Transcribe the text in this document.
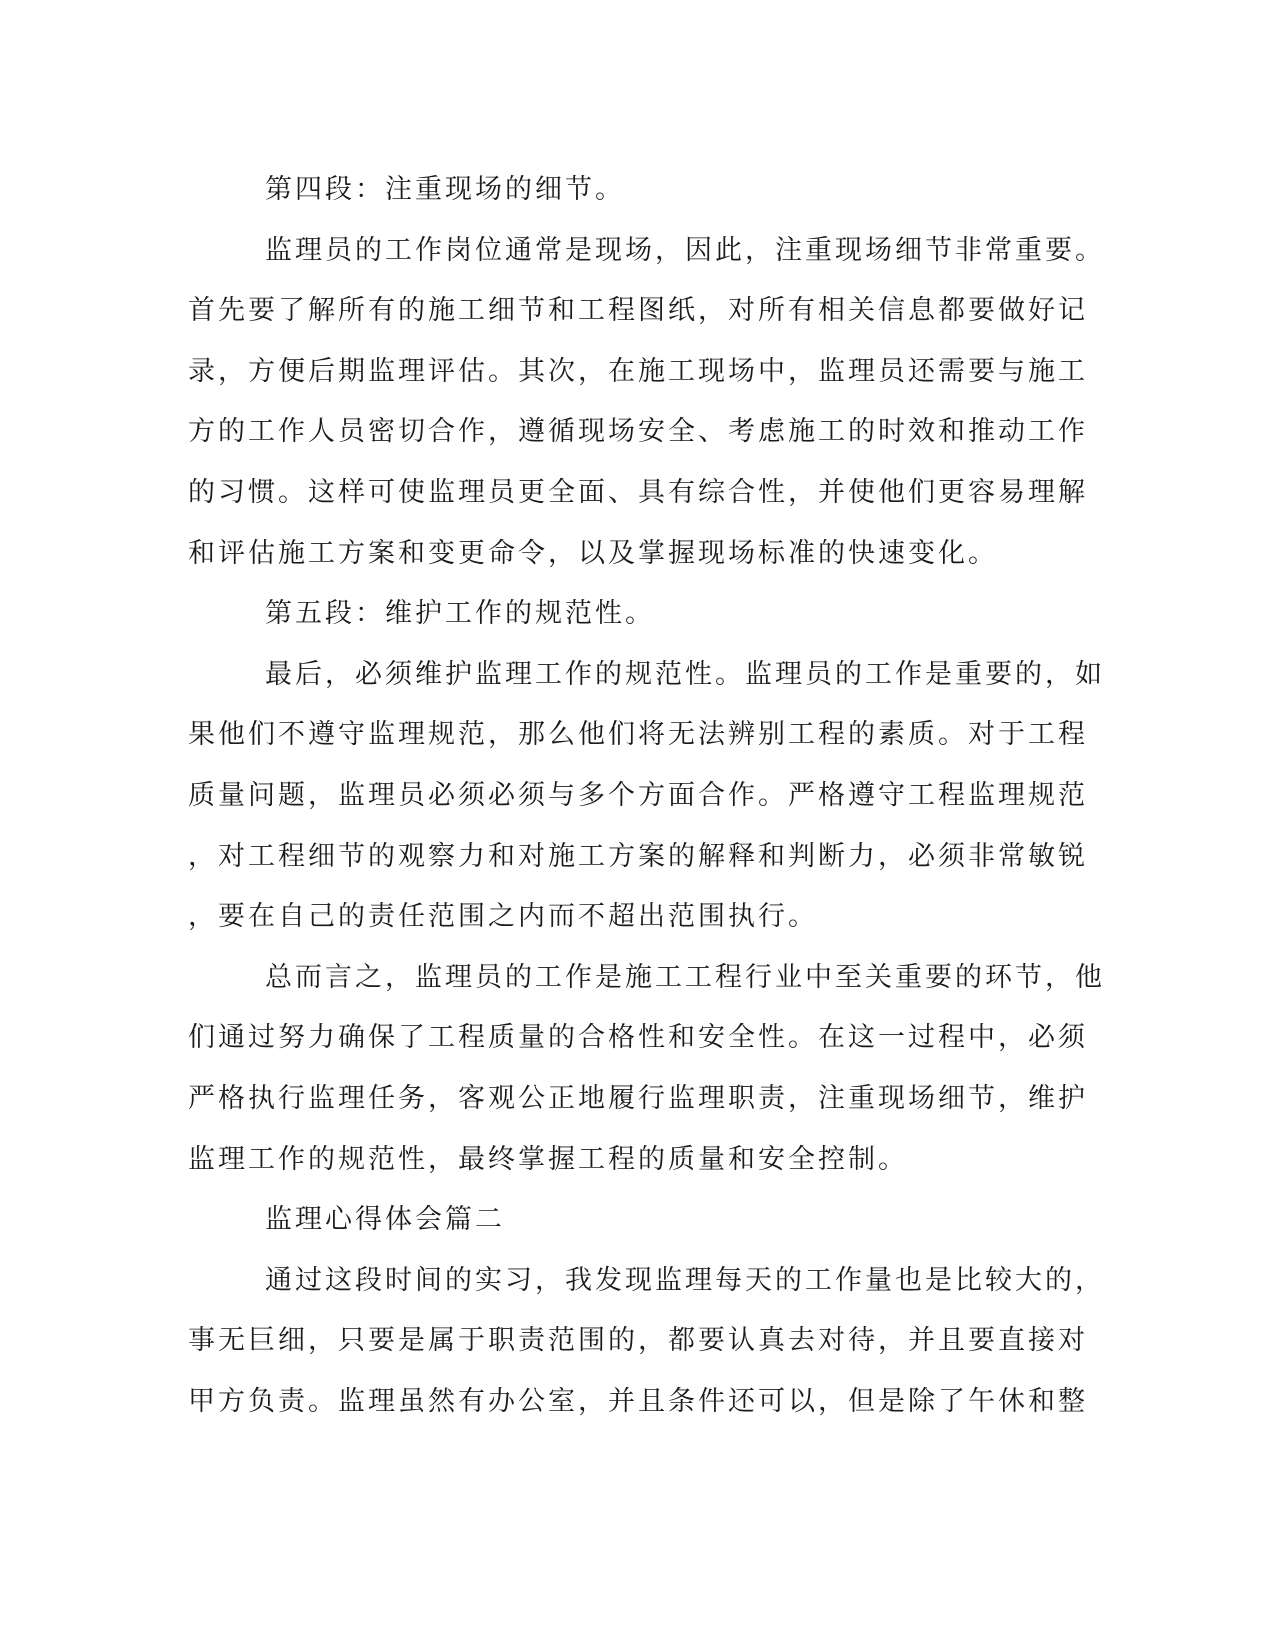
第四段：注重现场的细节。
监理员的工作岗位通常是现场，因此，注重现场细节非常重要。
首先要了解所有的施工细节和工程图纸，对所有相关信息都要做好记
录，方便后期监理评估。其次，在施工现场中，监理员还需要与施工
方的工作人员密切合作，遵循现场安全、考虑施工的时效和推动工作
的习惯。这样可使监理员更全面、具有综合性，并使他们更容易理解
和评估施工方案和变更命令，以及掌握现场标准的快速变化。
第五段：维护工作的规范性。
最后，必须维护监理工作的规范性。监理员的工作是重要的，如
果他们不遵守监理规范，那么他们将无法辨别工程的素质。对于工程
质量问题，监理员必须必须与多个方面合作。严格遵守工程监理规范
，对工程细节的观察力和对施工方案的解释和判断力，必须非常敏锐
，要在自己的责任范围之内而不超出范围执行。
总而言之，监理员的工作是施工工程行业中至关重要的环节，他
们通过努力确保了工程质量的合格性和安全性。在这一过程中，必须
严格执行监理任务，客观公正地履行监理职责，注重现场细节，维护
监理工作的规范性，最终掌握工程的质量和安全控制。
监理心得体会篇二
通过这段时间的实习，我发现监理每天的工作量也是比较大的，
事无巨细，只要是属于职责范围的，都要认真去对待，并且要直接对
甲方负责。监理虽然有办公室，并且条件还可以，但是除了午休和整
